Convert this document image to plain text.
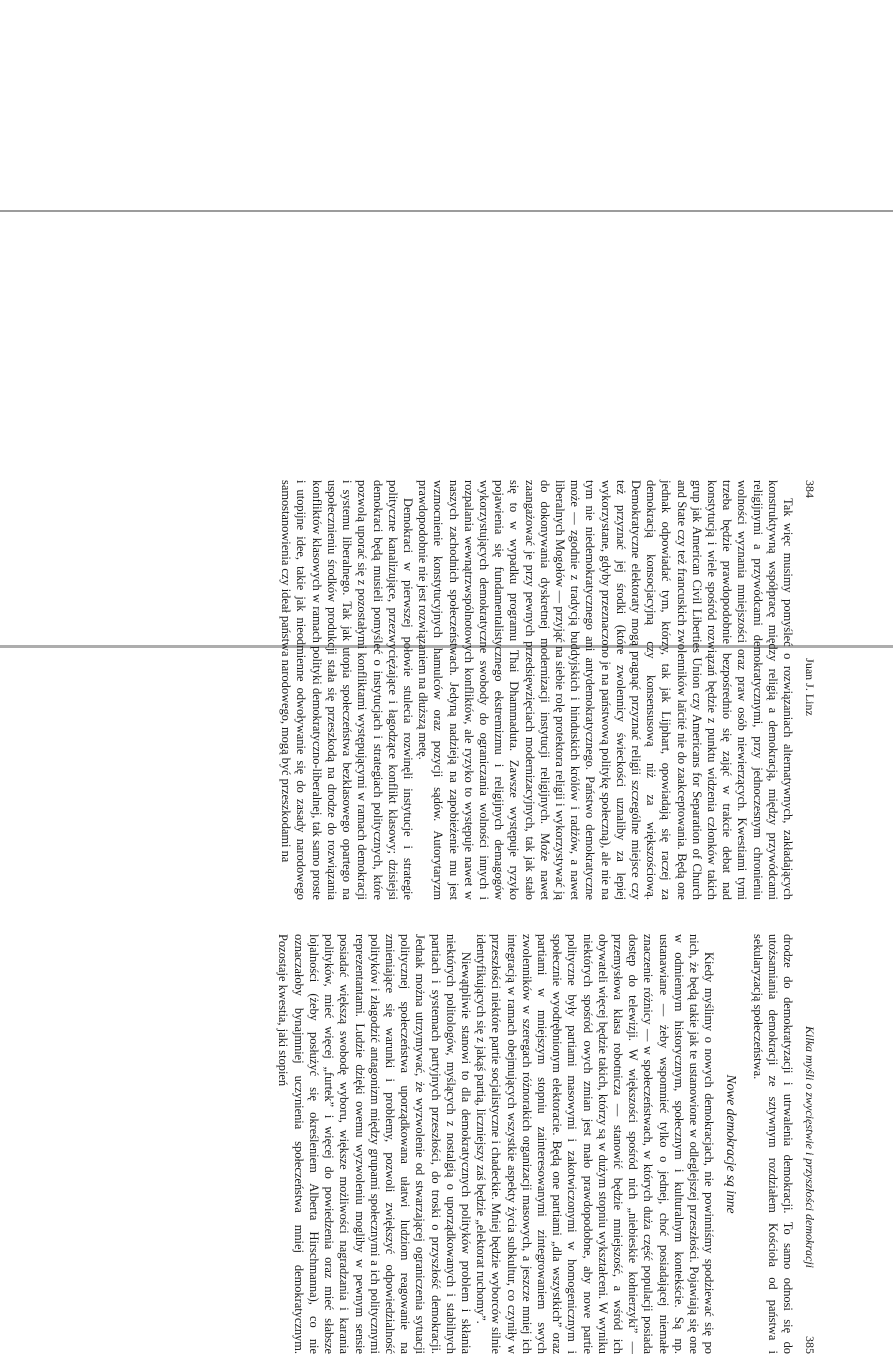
384
Juan J. Linz

Tak więc musimy pomyśleć o rozwiązaniach alternatywnych, zakładających konstruktywną współpracę między religią a demokracją, między przywódcami religijnymi a przywódcami demokratycznymi, przy jednoczesnym chronieniu wolności wyznania mniejszości oraz praw osób niewierzących. Kwestiami tymi trzeba będzie prawdopodobnie bezpośrednio się zająć w trakcie debat nad konstytucją i wiele spośród rozwiązań będzie z punktu widzenia członków takich grup jak American Civil Liberties Union czy Americans for Separation of Church and State czy też francuskich zwolenników laïcité nie do zaakceptowania. Będą one jednak odpowiadać tym, którzy, tak jak Lijphart, opowiadają się raczej za demokracją konsocjacyjną czy konsensusową niż za większościową. Demokratyczne elektoraty mogą pragnąć przyznać religii szczególne miejsce czy też przyznać jej środki (które zwolennicy świeckości uznaliby za lepiej wykorzystane, gdyby przeznaczono je na państwową politykę społeczną), ale nie na tym nie niedemokratycznego ani antydemokratycznego. Państwo demokratyczne może — zgodnie z tradycją buddyjskich i hinduskich królów i radżów, a nawet liberalnych Mogołów — przyjąć na siebie rolę protektora religii i wykorzystywać ją do dokonywania dyskretnej modernizacji instytucji religijnych. Może nawet zaangażować je przy pewnych przedsięwzięciach modernizacyjnych, tak jak stało się to w wypadku programu Thai Dhammaduta. Zawsze występuje ryzyko pojawienia się fundamentalistycznego ekstremizmu i religijnych demagogów wykorzystujących demokratyczne swobody do ograniczania wolności innych i rozpalania wewnątrzwspólnotowych konfliktów, ale ryzyko to występuje nawet w naszych zachodnich społeczeństwach. Jedyną nadzieją na zapobieżenie mu jest wzmocnienie konstytucyjnych hamulców oraz pozycji sądów. Autorytaryzm prawdopodobnie nie jest rozwiązaniem na dłuższą metę.

Demokraci w pierwszej połowie stulecia rozwinęli instytucje i strategie polityczne kanalizujące, przezwyciężające i łagodzące konflikt klasowy; dzisiejsi demokraci będą musieli pomyśleć o instytucjach i strategiach politycznych, które pozwolą uporać się z pozostałymi konfliktami występującymi w ramach demokracji i systemu liberalnego. Tak jak utopia społeczeństwa bezklasowego opartego na uspołecznieniu środków produkcji stała się przeszkodą na drodze do rozwiązania konfliktów klasowych w ramach polityki demokratyczno-liberalnej, tak samo proste i utopijne idee, takie jak nieodmienne odwoływanie się do zasady narodowego samostanowienia czy ideał państwa narodowego, mogą być przeszkodami na

Kilka myśli o zwycięstwie i przyszłości demokracji
385

drodze do demokratyzacji i utrwalenia demokracji. To samo odnosi się do utożsamiania demokracji ze sztywnym rozdziałem Kościoła od państwa i sekularyzacją społeczeństwa.

Nowe demokracje są inne

Kiedy myślimy o nowych demokracjach, nie powinniśmy spodziewać się po nich, że będą takie jak te ustanowione w odleglejszej przeszłości. Pojawiają się one w odmiennym historycznym, społecznym i kulturalnym kontekście. Są np. ustanawiane — żeby wspomnieć tylko o jednej, choć posiadającej niemałe znaczenie różnicy — w społeczeństwach, w których duża część populacji posiada dostęp do telewizji. W większości spośród nich „niebieskie kołnierzyki” — przemysłowa klasa robotnicza — stanowić będzie mniejszość, a wśród ich obywateli więcej będzie takich, którzy są w dużym stopniu wykształceni. W wyniku niektórych spośród owych zmian jest mało prawdopodobne, aby nowe partie polityczne były partiami masowymi i zakotwiczonymi w homogenicznym i społecznie wyodrębnionym elektoracie. Będą one partiami „dla wszystkich” oraz partiami w mniejszym stopniu zainteresowanymi zintegrowaniem swych zwolenników w szeregach różnorakich organizacji masowych, a jeszcze mniej ich integracją w ramach obejmujących wszystkie aspekty życia subkultur, co czyniły w przeszłości niektóre partie socjalistyczne i chadeckie. Mniej będzie wyborców silnie identyfikujących się z jakąś partią, liczniejszy zaś będzie „elektorat ruchomy”.

Niewątpliwie stanowi to dla demokratycznych polityków problem i skłania niektórych politologów, myślących z nostalgią o uporządkowanych i stabilnych partiach i systemach partyjnych przeszłości, do troski o przyszłość demokracji. Jednak można utrzymywać, że wyzwolenie od stwarzającej ograniczenia sytuacji politycznej społeczeństwa uporządkowana ułatwi ludziom reagowanie na zmieniające się warunki i problemy, pozwoli zwiększyć odpowiedzialność polityków i złagodzić antagonizm między grupami społecznymi a ich politycznymi reprezentantami. Ludzie dzięki owemu wyzwoleniu mogliby w pewnym sensie posiadać większą swobodę wyboru, większe możliwości nagradzania i karania polityków, mieć więcej „furtek” i więcej do powiedzenia oraz mieć słabsze lojalności (żeby posłużyć się określeniem Alberta Hirschmanna), co nie oznaczałoby bynajmniej uczynienia społeczeństwa mniej demokratycznym. Pozostaje kwestia, jaki stopień
